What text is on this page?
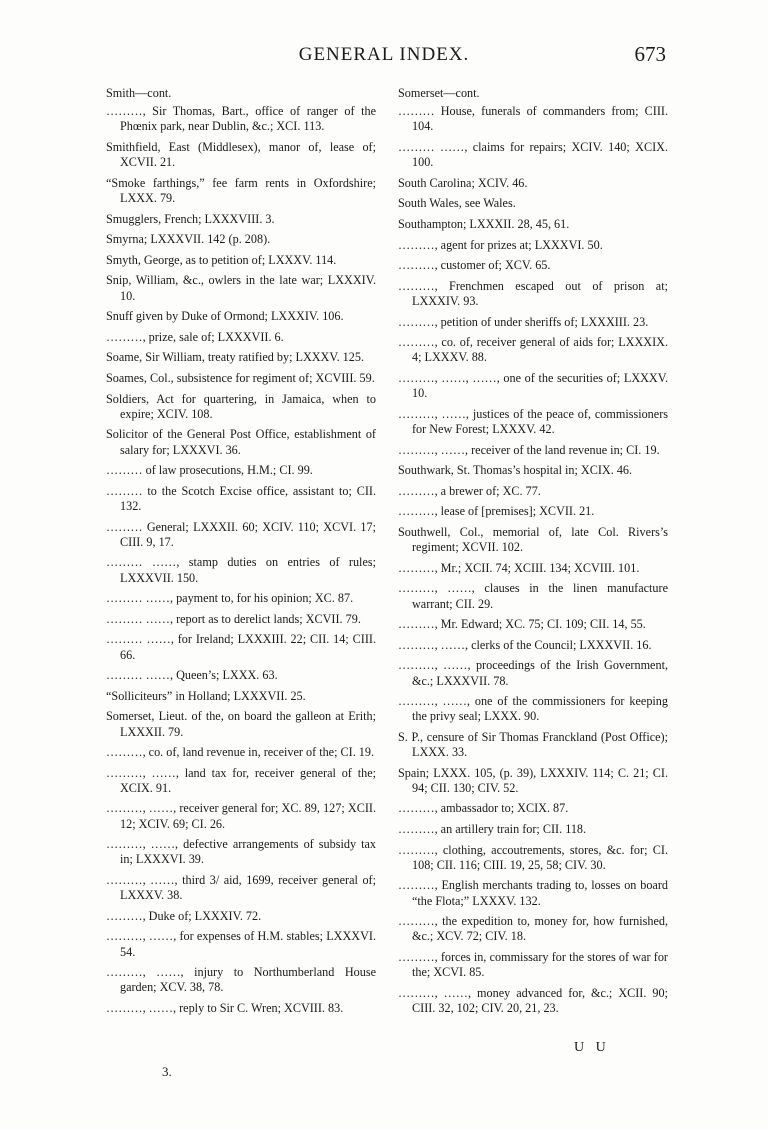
GENERAL INDEX.	673

Smith—cont.

………, Sir Thomas, Bart., office of ranger of the Phœnix park, near Dublin, &c.; XCI. 113.

Smithfield, East (Middlesex), manor of, lease of; XCVII. 21.

“Smoke farthings,” fee farm rents in Oxfordshire; LXXX. 79.

Smugglers, French; LXXXVIII. 3.

Smyrna; LXXXVII. 142 (p. 208).

Smyth, George, as to petition of; LXXXV. 114.

Snip, William, &c., owlers in the late war; LXXXIV. 10.

Snuff given by Duke of Ormond; LXXXIV. 106.

………, prize, sale of; LXXXVII. 6.

Soame, Sir William, treaty ratified by; LXXXV. 125.

Soames, Col., subsistence for regiment of; XCVIII. 59.

Soldiers, Act for quartering, in Jamaica, when to expire; XCIV. 108.

Solicitor of the General Post Office, establishment of salary for; LXXXVI. 36.

……… of law prosecutions, H.M.; CI. 99.

……… to the Scotch Excise office, assistant to; CII. 132.

……… General; LXXXII. 60; XCIV. 110; XCVI. 17; CIII. 9, 17.

……… ……, stamp duties on entries of rules; LXXXVII. 150.

……… ……, payment to, for his opinion; XC. 87.

……… ……, report as to derelict lands; XCVII. 79.

……… ……, for Ireland; LXXXIII. 22; CII. 14; CIII. 66.

……… ……, Queen’s; LXXX. 63.

“Solliciteurs” in Holland; LXXXVII. 25.

Somerset, Lieut. of the, on board the galleon at Erith; LXXXII. 79.

………, co. of, land revenue in, receiver of the; CI. 19.

………, ……, land tax for, receiver general of the; XCIX. 91.

………, ……, receiver general for; XC. 89, 127; XCII. 12; XCIV. 69; CI. 26.

………, ……, defective arrangements of subsidy tax in; LXXXVI. 39.

………, ……, third 3/ aid, 1699, receiver general of; LXXXV. 38.

………, Duke of; LXXXIV. 72.

………, ……, for expenses of H.M. stables; LXXXVI. 54.

………, ……, injury to Northumberland House garden; XCV. 38, 78.

………, ……, reply to Sir C. Wren; XCVIII. 83.

Somerset—cont.

……… House, funerals of commanders from; CIII. 104.

……… ……, claims for repairs; XCIV. 140; XCIX. 100.

South Carolina; XCIV. 46.

South Wales, see Wales.

Southampton; LXXXII. 28, 45, 61.

………, agent for prizes at; LXXXVI. 50.

………, customer of; XCV. 65.

………, Frenchmen escaped out of prison at; LXXXIV. 93.

………, petition of under sheriffs of; LXXXIII. 23.

………, co. of, receiver general of aids for; LXXXIX. 4; LXXXV. 88.

………, ……, ……, one of the securities of; LXXXV. 10.

………, ……, justices of the peace of, commissioners for New Forest; LXXXV. 42.

………, ……, receiver of the land revenue in; CI. 19.

Southwark, St. Thomas’s hospital in; XCIX. 46.

………, a brewer of; XC. 77.

………, lease of [premises]; XCVII. 21.

Southwell, Col., memorial of, late Col. Rivers’s regiment; XCVII. 102.

………, Mr.; XCII. 74; XCIII. 134; XCVIII. 101.

………, ……, clauses in the linen manufacture warrant; CII. 29.

………, Mr. Edward; XC. 75; CI. 109; CII. 14, 55.

………, ……, clerks of the Council; LXXXVII. 16.

………, ……, proceedings of the Irish Government, &c.; LXXXVII. 78.

………, ……, one of the commissioners for keeping the privy seal; LXXX. 90.

S. P., censure of Sir Thomas Franckland (Post Office); LXXX. 33.

Spain; LXXX. 105, (p. 39), LXXXIV. 114; C. 21; CI. 94; CII. 130; CIV. 52.

………, ambassador to; XCIX. 87.

………, an artillery train for; CII. 118.

………, clothing, accoutrements, stores, &c. for; CI. 108; CII. 116; CIII. 19, 25, 58; CIV. 30.

………, English merchants trading to, losses on board “the Flota;” LXXXV. 132.

………, the expedition to, money for, how furnished, &c.; XCV. 72; CIV. 18.

………, forces in, commissary for the stores of war for the; XCVI. 85.

………, ……, money advanced for, &c.; XCII. 90; CIII. 32, 102; CIV. 20, 21, 23.

3.
U U
